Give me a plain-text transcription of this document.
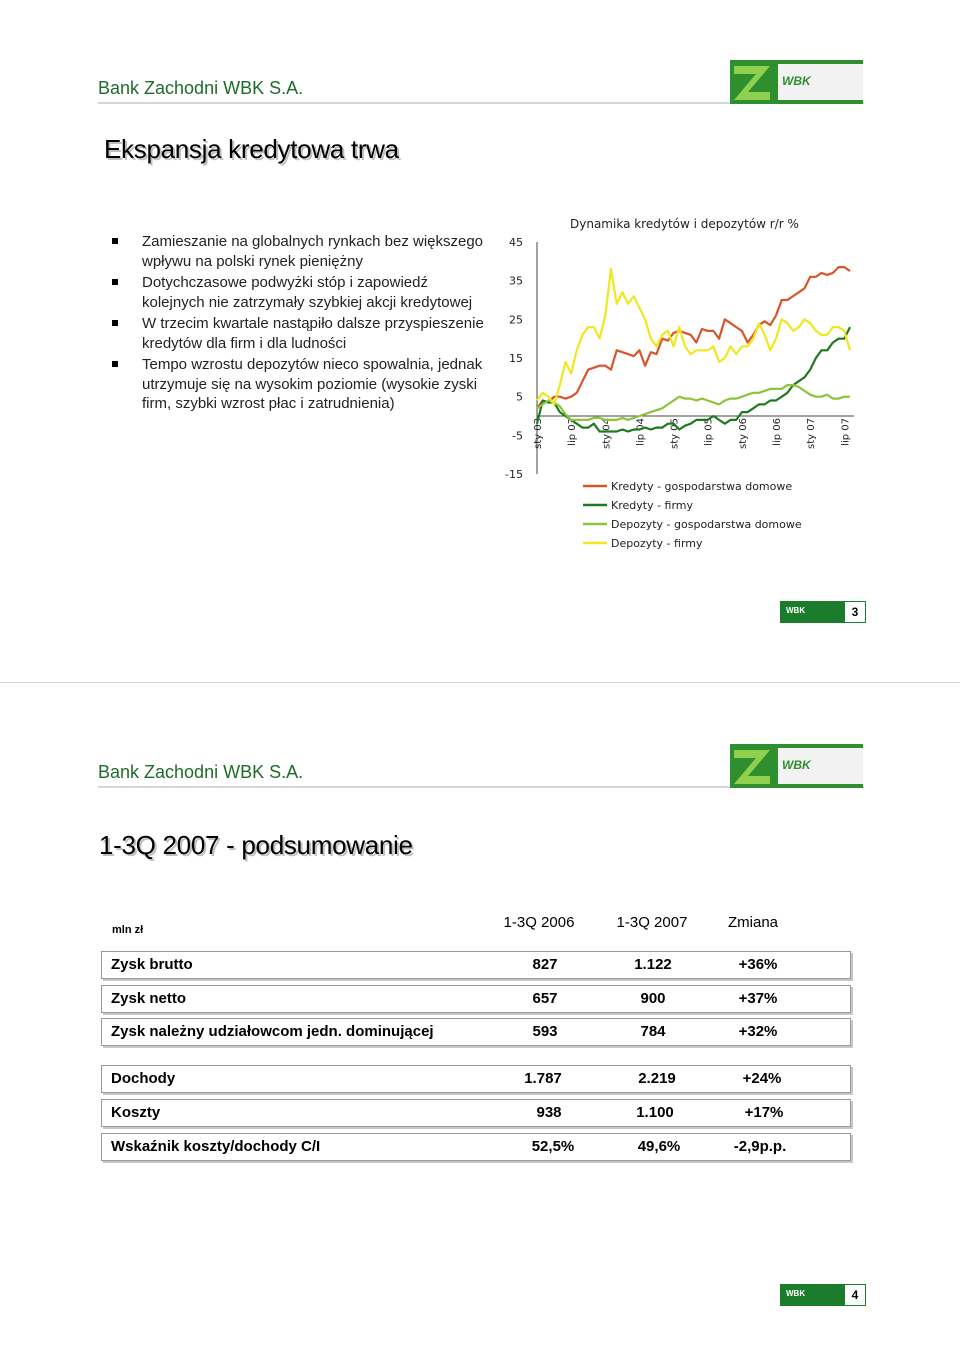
Bank Zachodni WBK S.A.	WBK
Ekspansja kredytowa trwa
Zamieszanie na globalnych rynkach bez większego wpływu na polski rynek pieniężny
Dotychczasowe podwyżki stóp i zapowiedź kolejnych nie zatrzymały szybkiej akcji kredytowej
W trzecim kwartale nastąpiło dalsze przyspieszenie kredytów dla firm i dla ludności
Tempo wzrostu depozytów nieco spowalnia, jednak utrzymuje się na wysokim poziomie (wysokie zyski firm, szybki wzrost płac i zatrudnienia)
Dynamika kredytów i depozytów r/r %
45
35
25
15
5
-5
-15
sty 03 lip 03 sty 04 lip 04 sty 05 lip 05 sty 06 lip 06 sty 07 lip 07
Kredyty - gospodarstwa domowe
Kredyty - firmy
Depozyty - gospodarstwa domowe
Depozyty - firmy
WBK	3
Bank Zachodni WBK S.A.	WBK
1-3Q 2007 - podsumowanie
mln zł	1-3Q 2006	1-3Q 2007	Zmiana
Zysk brutto	827	1.122	+36%
Zysk netto	657	900	+37%
Zysk należny udziałowcom jedn. dominującej	593	784	+32%
Dochody	1.787	2.219	+24%
Koszty	938	1.100	+17%
Wskaźnik koszty/dochody C/I	52,5%	49,6%	-2,9p.p.
WBK	4
